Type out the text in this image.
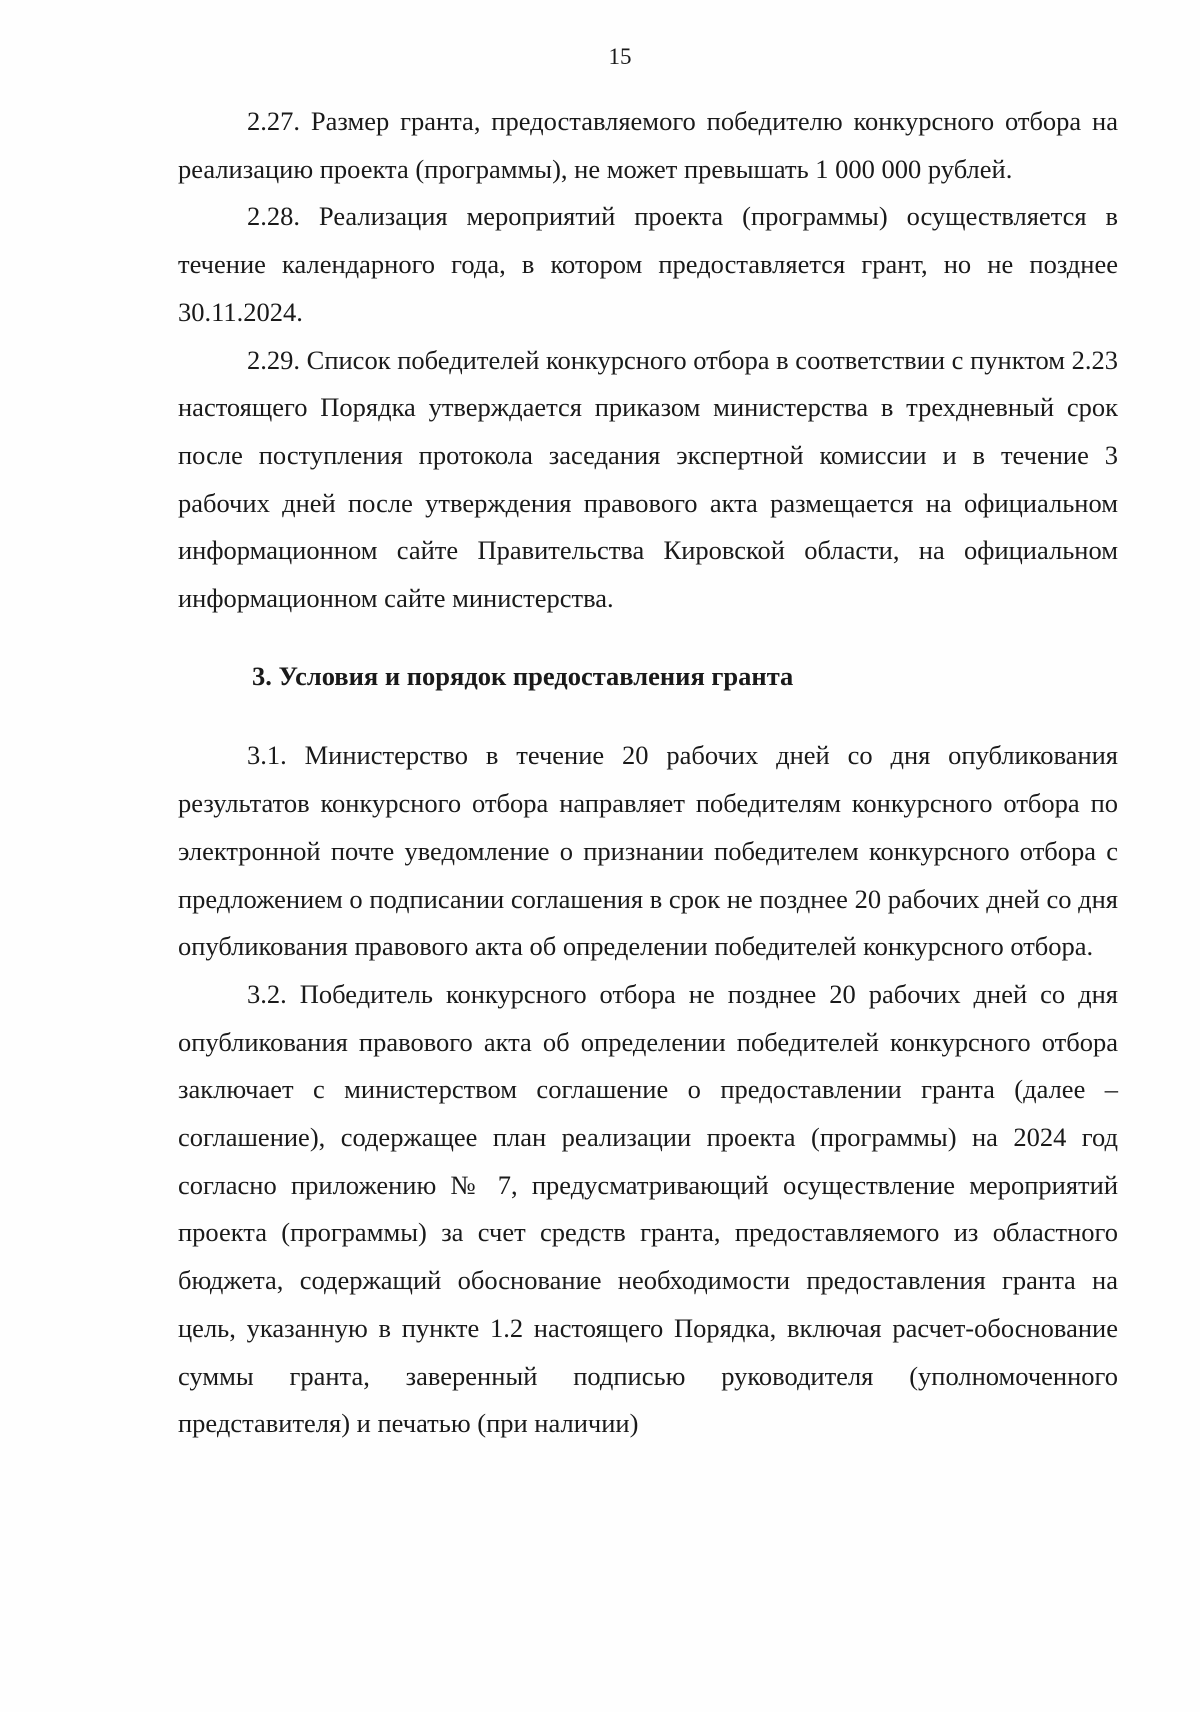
15

2.27. Размер гранта, предоставляемого победителю конкурсного отбора на реализацию проекта (программы), не может превышать 1 000 000 рублей.

2.28. Реализация мероприятий проекта (программы) осуществляется в течение календарного года, в котором предоставляется грант, но не позднее 30.11.2024.

2.29. Список победителей конкурсного отбора в соответствии с пунктом 2.23 настоящего Порядка утверждается приказом министерства в трехдневный срок после поступления протокола заседания экспертной комиссии и в течение 3 рабочих дней после утверждения правового акта размещается на официальном информационном сайте Правительства Кировской области, на официальном информационном сайте министерства.

3. Условия и порядок предоставления гранта

3.1. Министерство в течение 20 рабочих дней со дня опубликования результатов конкурсного отбора направляет победителям конкурсного отбора по электронной почте уведомление о признании победителем конкурсного отбора с предложением о подписании соглашения в срок не позднее 20 рабочих дней со дня опубликования правового акта об определении победителей конкурсного отбора.

3.2. Победитель конкурсного отбора не позднее 20 рабочих дней со дня опубликования правового акта об определении победителей конкурсного отбора заключает с министерством соглашение о предоставлении гранта (далее – соглашение), содержащее план реализации проекта (программы) на 2024 год согласно приложению № 7, предусматривающий осуществление мероприятий проекта (программы) за счет средств гранта, предоставляемого из областного бюджета, содержащий обоснование необходимости предоставления гранта на цель, указанную в пункте 1.2 настоящего Порядка, включая расчет-обоснование суммы гранта, заверенный подписью руководителя (уполномоченного представителя) и печатью (при наличии)
